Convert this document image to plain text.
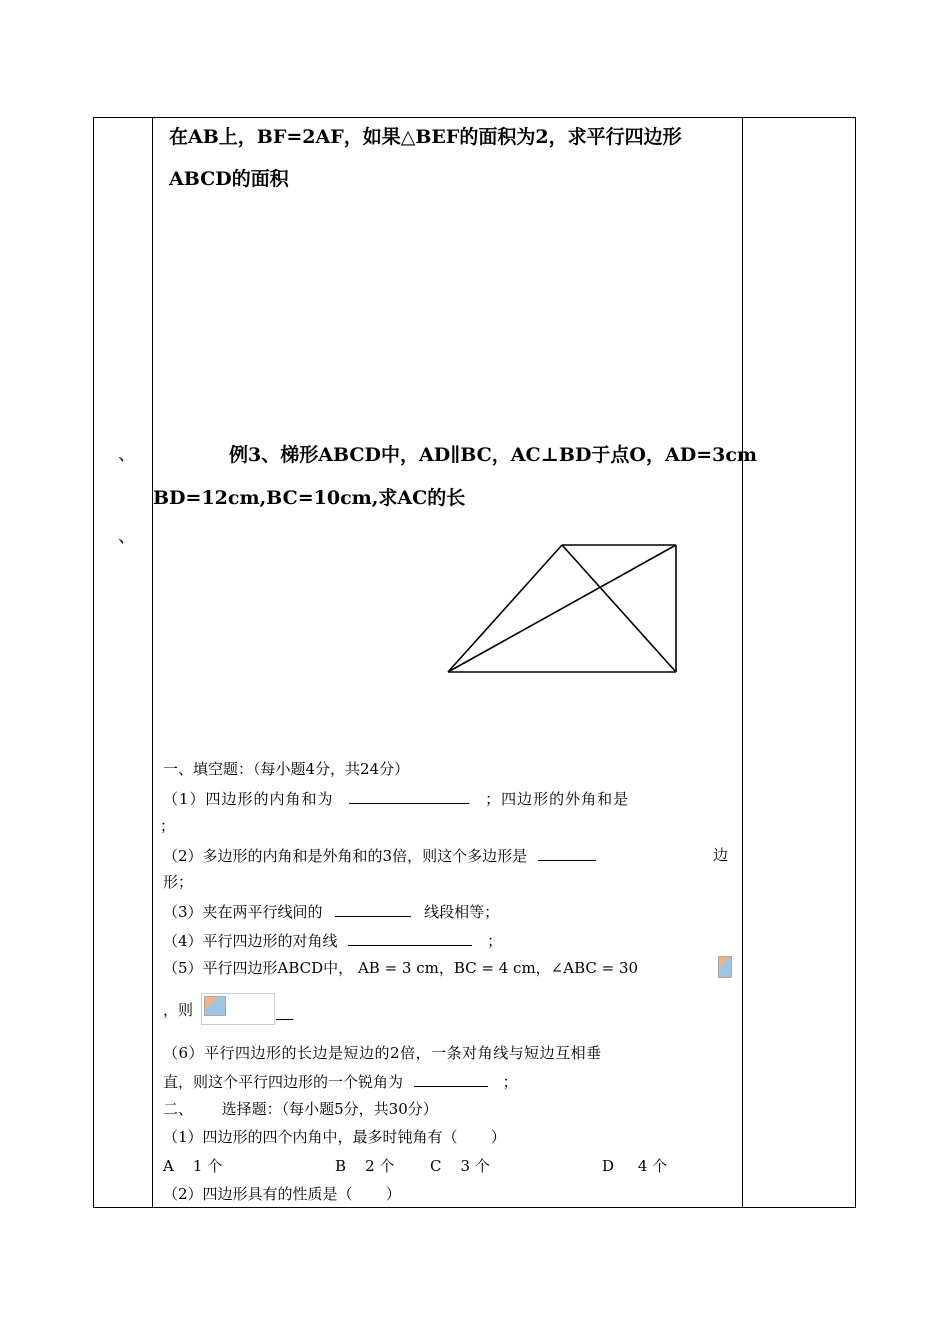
在AB上，BF=2AF，如果△BEF的面积为2，求平行四边形
ABCD的面积
、
、
例3、梯形ABCD中，AD∥BC，AC⊥BD于点O，AD=3cm
BD=12cm,BC=10cm,求AC的长
一、填空题：（每小题4分，共24分）
（1）四边形的内角和为	；四边形的外角和是
；
（2）多边形的内角和是外角和的3倍，则这个多边形是	边
形；
（3）夹在两平行线间的	线段相等；
（4）平行四边形的对角线	；
（5）平行四边形ABCD中， AB = 3 cm，BC = 4 cm，∠ABC = 30
，则
（6）平行四边形的长边是短边的2倍，一条对角线与短边互相垂
直，则这个平行四边形的一个锐角为	；
二、      选择题：（每小题5分，共30分）
（1）四边形的四个内角中，最多时钝角有（       ）
A    1 个	B    2 个 C    3 个	D     4 个
（2）四边形具有的性质是（       ）
